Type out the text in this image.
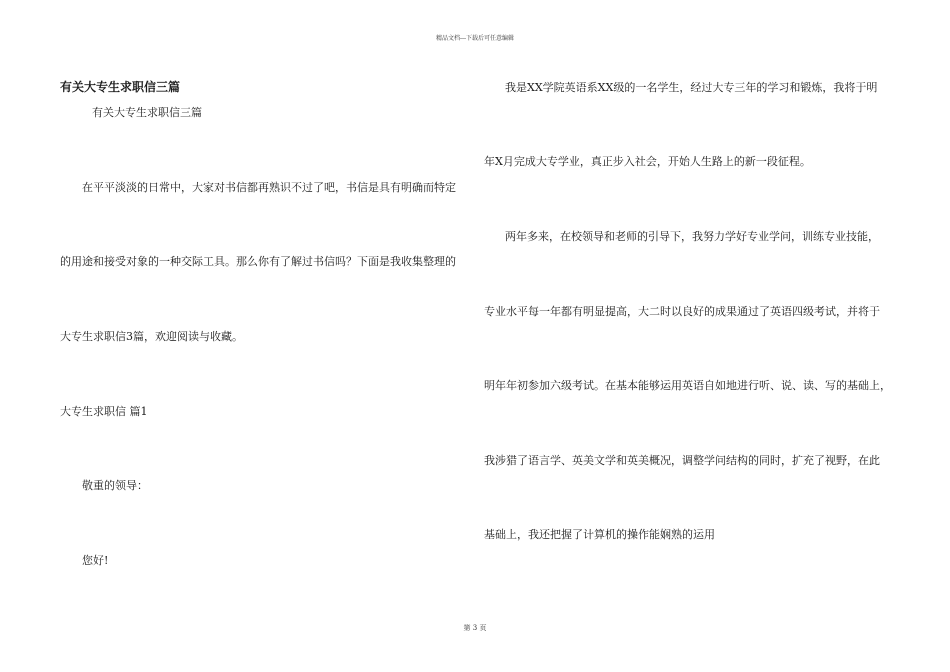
精品文档---下载后可任意编辑
有关大专生求职信三篇
有关大专生求职信三篇
在平平淡淡的日常中，大家对书信都再熟识不过了吧，书信是具有明确而特定
的用途和接受对象的一种交际工具。那么你有了解过书信吗？下面是我收集整理的
大专生求职信3篇，欢迎阅读与收藏。
大专生求职信 篇1
敬重的领导：
您好!
我是XX学院英语系XX级的一名学生，经过大专三年的学习和锻炼，我将于明
年X月完成大专学业，真正步入社会，开始人生路上的新一段征程。
两年多来，在校领导和老师的引导下，我努力学好专业学问，训练专业技能，
专业水平每一年都有明显提高，大二时以良好的成果通过了英语四级考试，并将于
明年年初参加六级考试。在基本能够运用英语自如地进行听、说、读、写的基础上，
我涉猎了语言学、英美文学和英美概况，调整学问结构的同时，扩充了视野，在此
基础上，我还把握了计算机的操作能娴熟的运用
第 3 页
